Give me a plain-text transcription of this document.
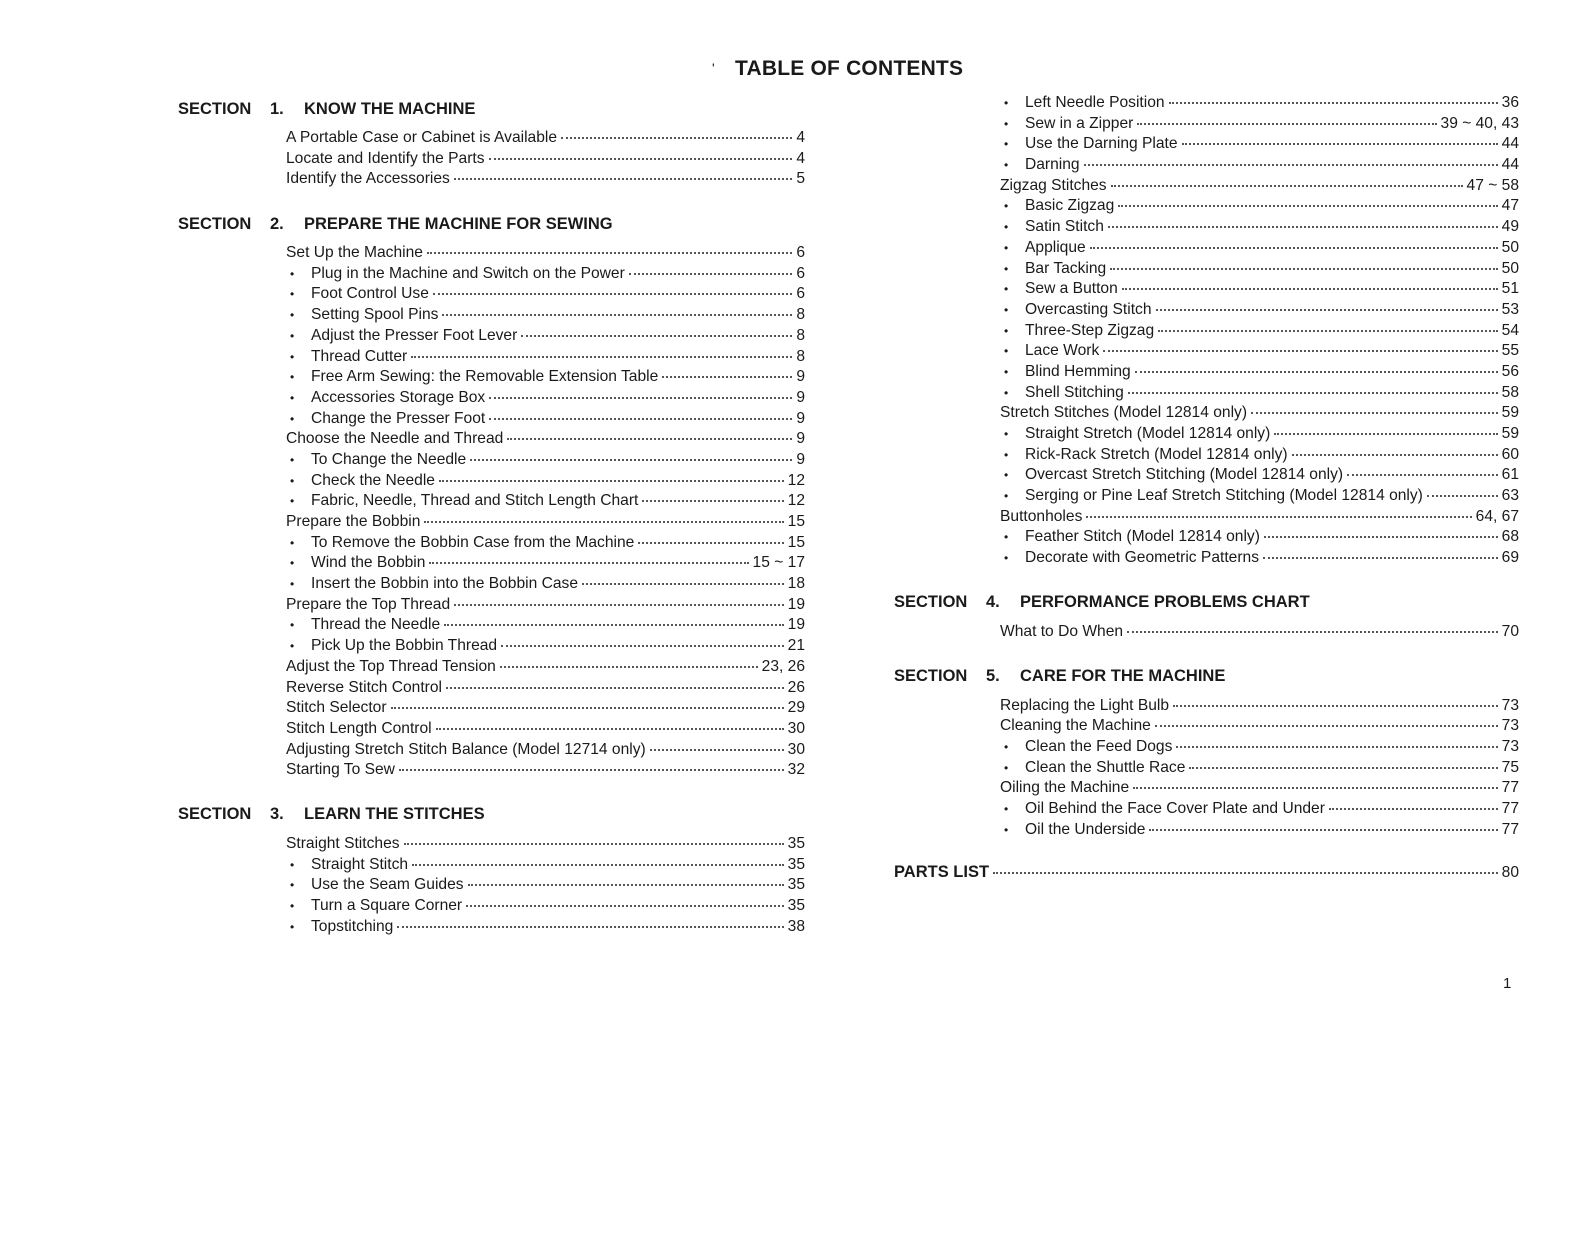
' TABLE OF CONTENTS
SECTION	1.	KNOW THE MACHINE
A Portable Case or Cabinet is Available	4
Locate and Identify the Parts	4
Identify the Accessories	5
SECTION	2.	PREPARE THE MACHINE FOR SEWING
Set Up the Machine	6
• Plug in the Machine and Switch on the Power	6
• Foot Control Use	6
• Setting Spool Pins	8
• Adjust the Presser Foot Lever	8
• Thread Cutter	8
• Free Arm Sewing: the Removable Extension Table	9
• Accessories Storage Box	9
• Change the Presser Foot	9
Choose the Needle and Thread	9
• To Change the Needle	9
• Check the Needle	12
• Fabric, Needle, Thread and Stitch Length Chart	12
Prepare the Bobbin	15
• To Remove the Bobbin Case from the Machine	15
• Wind the Bobbin	15 ~ 17
• Insert the Bobbin into the Bobbin Case	18
Prepare the Top Thread	19
• Thread the Needle	19
• Pick Up the Bobbin Thread	21
Adjust the Top Thread Tension	23, 26
Reverse Stitch Control	26
Stitch Selector	29
Stitch Length Control	30
Adjusting Stretch Stitch Balance (Model 12714 only)	30
Starting To Sew	32
SECTION	3.	LEARN THE STITCHES
Straight Stitches	35
• Straight Stitch	35
• Use the Seam Guides	35
• Turn a Square Corner	35
• Topstitching	38
• Left Needle Position	36
• Sew in a Zipper	39 ~ 40, 43
• Use the Darning Plate	44
• Darning	44
Zigzag Stitches	47 ~ 58
• Basic Zigzag	47
• Satin Stitch	49
• Applique	50
• Bar Tacking	50
• Sew a Button	51
• Overcasting Stitch	53
• Three-Step Zigzag	54
• Lace Work	55
• Blind Hemming	56
• Shell Stitching	58
Stretch Stitches (Model 12814 only)	59
• Straight Stretch (Model 12814 only)	59
• Rick-Rack Stretch (Model 12814 only)	60
• Overcast Stretch Stitching (Model 12814 only)	61
• Serging or Pine Leaf Stretch Stitching (Model 12814 only)	63
Buttonholes	64, 67
• Feather Stitch (Model 12814 only)	68
• Decorate with Geometric Patterns	69
SECTION	4.	PERFORMANCE PROBLEMS CHART
What to Do When	70
SECTION	5.	CARE FOR THE MACHINE
Replacing the Light Bulb	73
Cleaning the Machine	73
• Clean the Feed Dogs	73
• Clean the Shuttle Race	75
Oiling the Machine	77
• Oil Behind the Face Cover Plate and Under	77
• Oil the Underside	77
PARTS LIST	80
1
